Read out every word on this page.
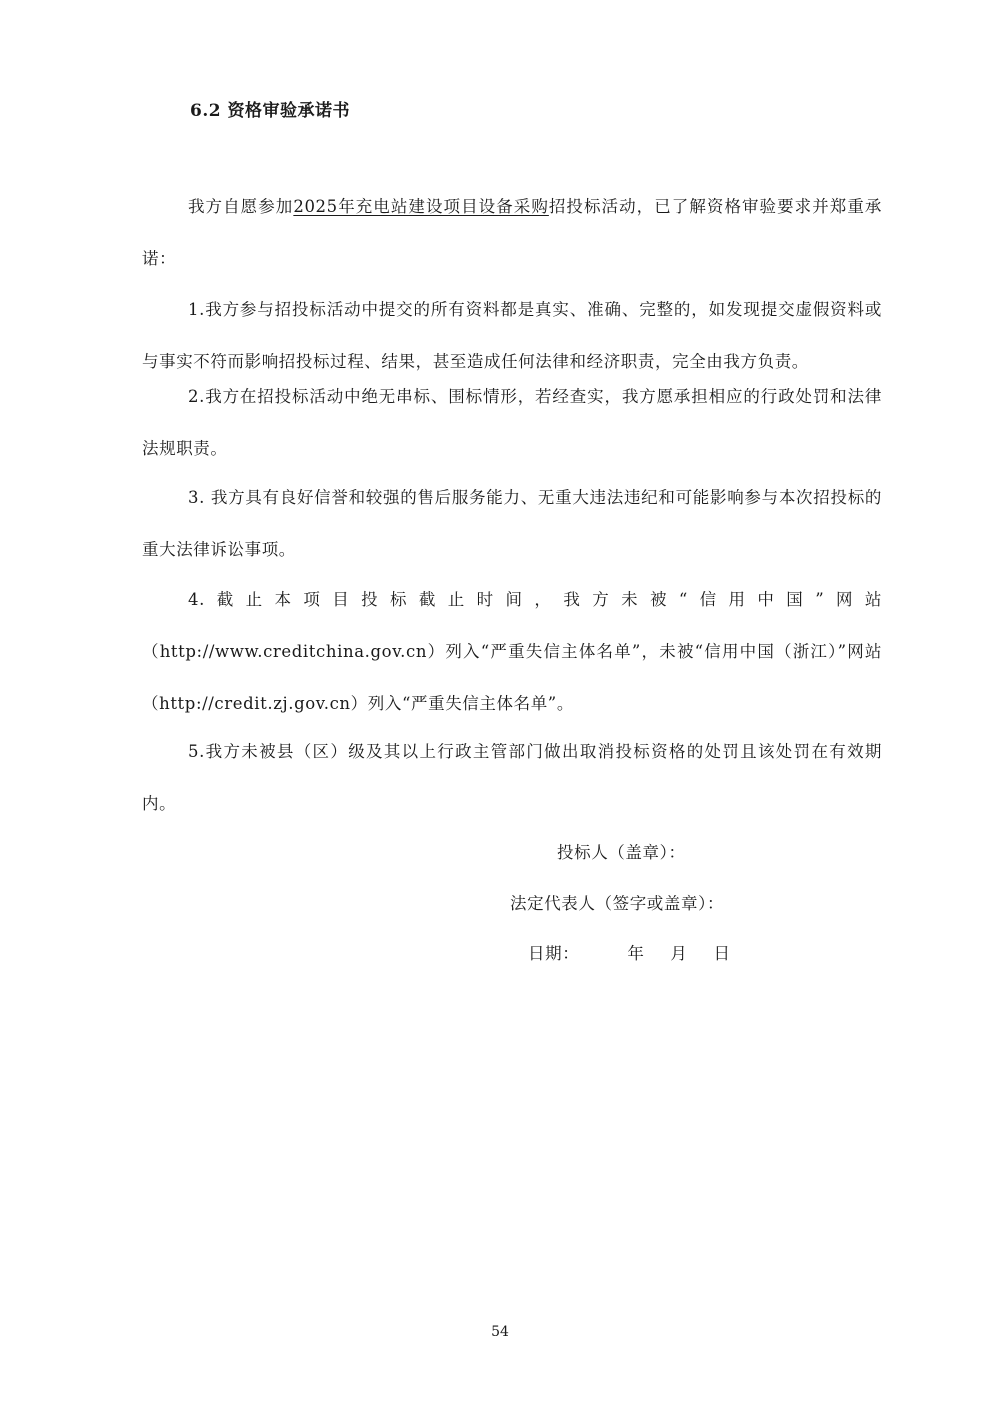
6.2 资格审验承诺书

我方自愿参加2025年充电站建设项目设备采购招投标活动，已了解资格审验要求并郑重承诺：

1.我方参与招投标活动中提交的所有资料都是真实、准确、完整的，如发现提交虚假资料或与事实不符而影响招投标过程、结果，甚至造成任何法律和经济职责，完全由我方负责。

2.我方在招投标活动中绝无串标、围标情形，若经查实，我方愿承担相应的行政处罚和法律法规职责。

3. 我方具有良好信誉和较强的售后服务能力、无重大违法违纪和可能影响参与本次招投标的重大法律诉讼事项。

4.截止本项目投标截止时间，我方未被“信用中国”网站（http://www.creditchina.gov.cn）列入“严重失信主体名单”，未被“信用中国（浙江）”网站（http://credit.zj.gov.cn）列入“严重失信主体名单”。

5.我方未被县（区）级及其以上行政主管部门做出取消投标资格的处罚且该处罚在有效期内。

投标人（盖章）：
法定代表人（签字或盖章）：
日期：	年 月 日
54
